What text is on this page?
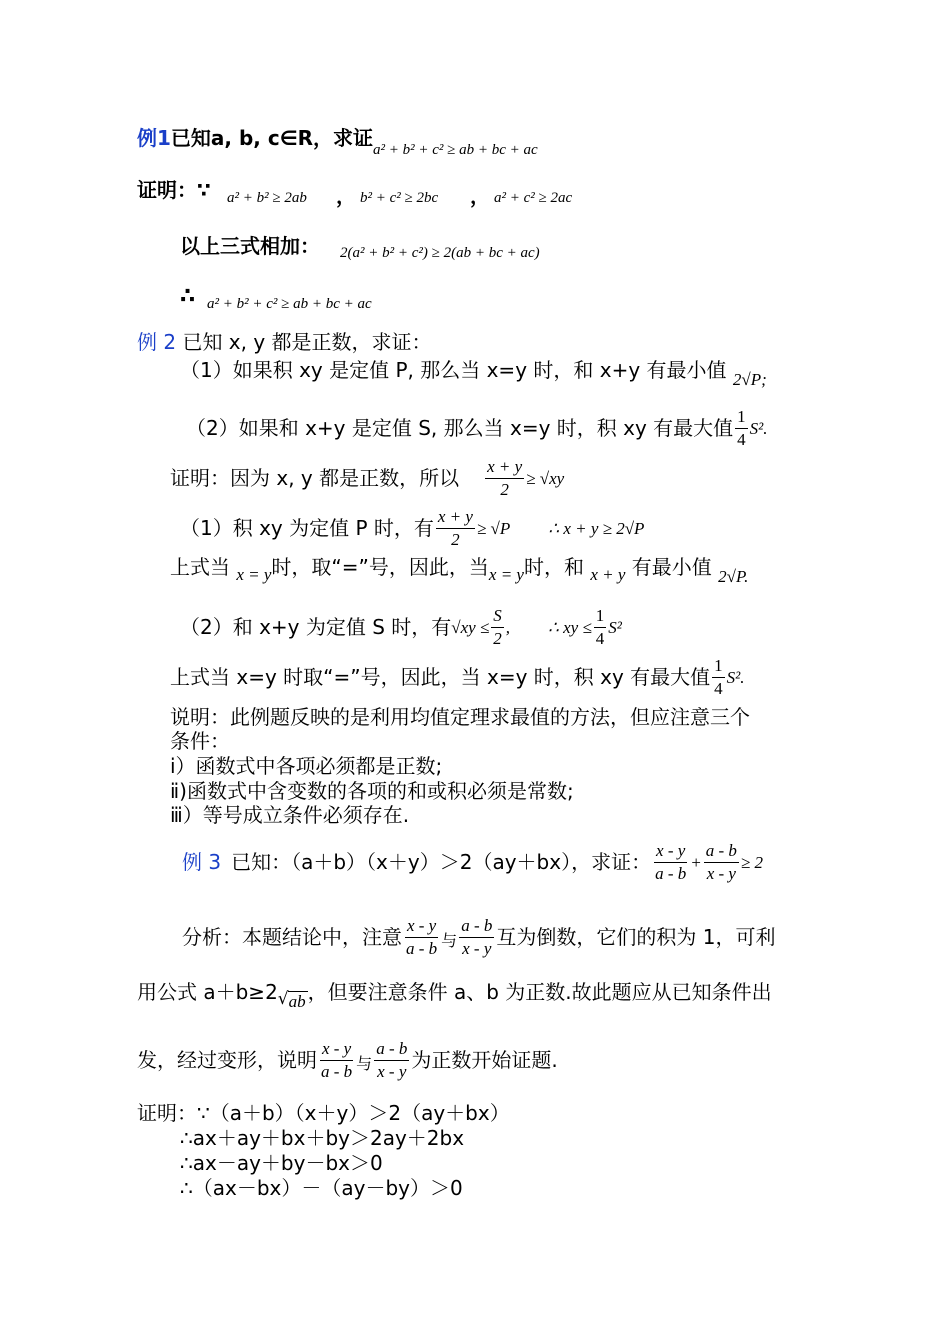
例1已知a, b, c∈R，求证 a² + b² + c² ≥ ab + bc + ac
证明：∵ a² + b² ≥ 2ab ， b² + c² ≥ 2bc ， a² + c² ≥ 2ac
以上三式相加： 2(a² + b² + c²) ≥ 2(ab + bc + ac)
∴ a² + b² + c² ≥ ab + bc + ac
例 2 已知 x, y 都是正数，求证：
（1）如果积 xy 是定值 P, 那么当 x=y 时，和 x+y 有最小值 $_{2√P;}$
（2）如果和 x+y 是定值 S, 那么当 x=y 时，积 xy 有最大值 $\frac{1}{4} S^2$.
证明：因为 x, y 都是正数，所以 $\frac{x + y}{2} \ge √xy$
（1）积 xy 为定值 P 时，有 $\frac{x + y}{2} \ge √P$ ∴ x + y ≥ 2√P
上式当 $_{x = y}$时，取“=”号，因此，当$_{x = y}$时，和 $_{x + y}$ 有最小值 $_{2√P.}$
（2）和 x+y 为定值 S 时，有 $√xy \le \frac{S}{2}$ , ∴ xy ≤ $\frac{1}{4} S^2$
上式当 x=y 时取“=”号，因此，当 x=y 时，积 xy 有最大值 $\frac{1}{4} S^2$.
说明：此例题反映的是利用均值定理求最值的方法，但应注意三个
条件：
ⅰ）函数式中各项必须都是正数;
ⅱ)函数式中含变数的各项的和或积必须是常数;
ⅲ）等号成立条件必须存在.
例 3 已知：（a＋b）（x＋y）＞2（ay＋bx），求证： $\frac{x - y}{a - b} + \frac{a - b}{x - y} \ge 2$
分析：本题结论中，注意 $\frac{x - y}{a - b}$ 与 $\frac{a - b}{x - y}$ 互为倒数，它们的积为 1，可利
用公式 a＋b≥2 √ ab ，但要注意条件 a、b 为正数.故此题应从已知条件出
发，经过变形，说明 $\frac{x - y}{a - b}$ 与 $\frac{a - b}{x - y}$ 为正数开始证题.
证明：∵（a＋b）（x＋y）＞2（ay＋bx）
∴ax＋ay＋bx＋by＞2ay＋2bx
∴ax－ay＋by－bx＞0
∴（ax－bx）－（ay－by）＞0
